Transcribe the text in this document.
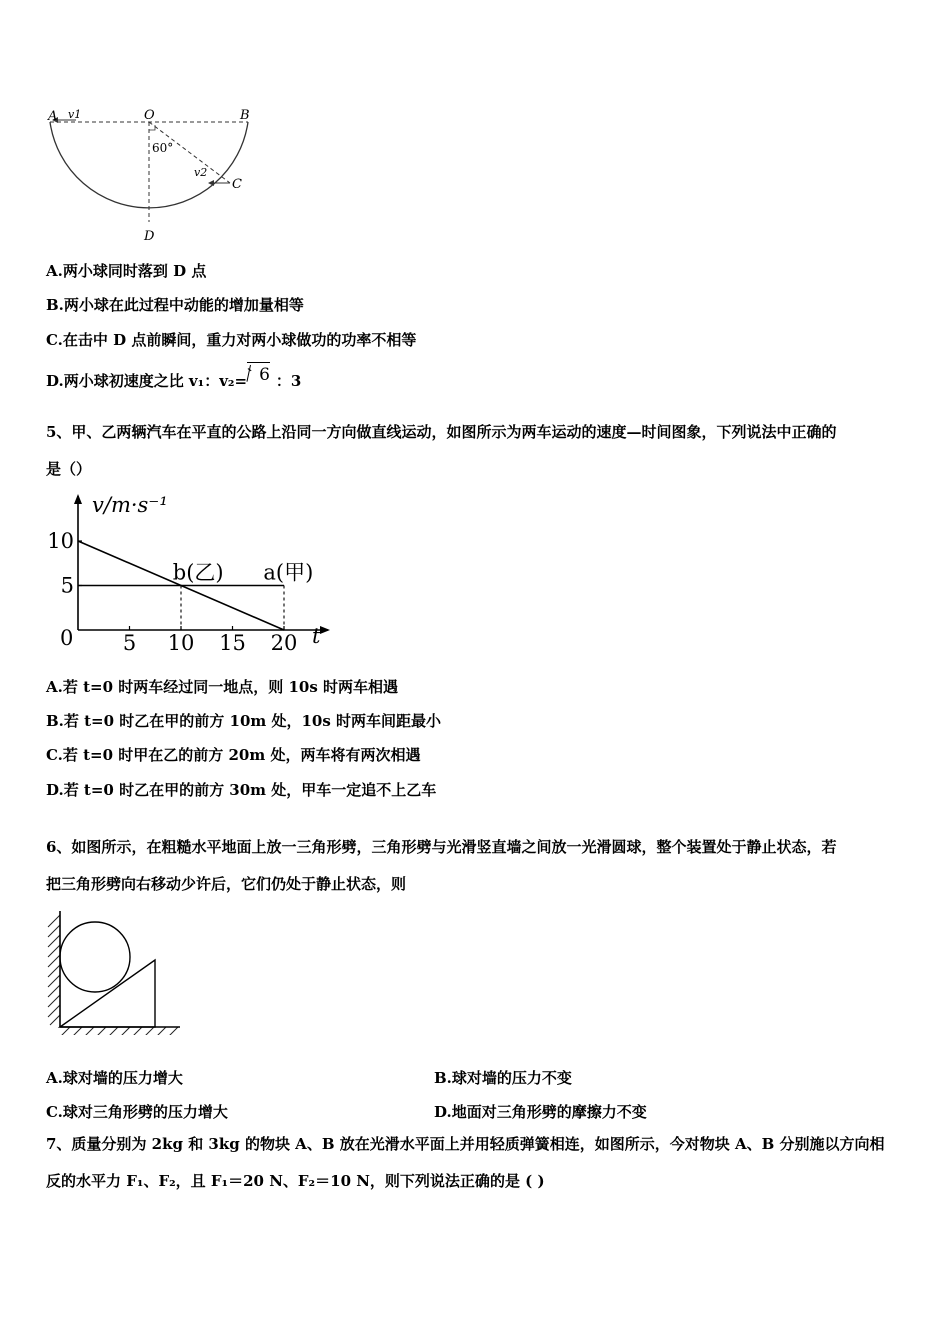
A v1	O	B
60°
v2
C
D
A.两小球同时落到 D 点
B.两小球在此过程中动能的增加量相等
C.在击中 D 点前瞬间，重力对两小球做功的功率不相等
D.两小球初速度之比 v₁：v₂= 6 ：3
5、甲、乙两辆汽车在平直的公路上沿同一方向做直线运动，如图所示为两车运动的速度—时间图象，下列说法中正确的
是（）
5 10 15 20
10
5
b(乙) a(甲)
v/m·s⁻¹
t
0
A.若 t=0 时两车经过同一地点，则 10s 时两车相遇
B.若 t=0 时乙在甲的前方 10m 处，10s 时两车间距最小
C.若 t=0 时甲在乙的前方 20m 处，两车将有两次相遇
D.若 t=0 时乙在甲的前方 30m 处，甲车一定追不上乙车
6、如图所示，在粗糙水平地面上放一三角形劈，三角形劈与光滑竖直墙之间放一光滑圆球，整个装置处于静止状态，若
把三角形劈向右移动少许后，它们仍处于静止状态，则
A.球对墙的压力增大	B.球对墙的压力不变
C.球对三角形劈的压力增大	D.地面对三角形劈的摩擦力不变
7、质量分别为 2kg 和 3kg 的物块 A、B 放在光滑水平面上并用轻质弹簧相连，如图所示，今对物块 A、B 分别施以方向相
反的水平力 F₁、F₂，且 F₁＝20 N、F₂＝10 N，则下列说法正确的是 ( )
